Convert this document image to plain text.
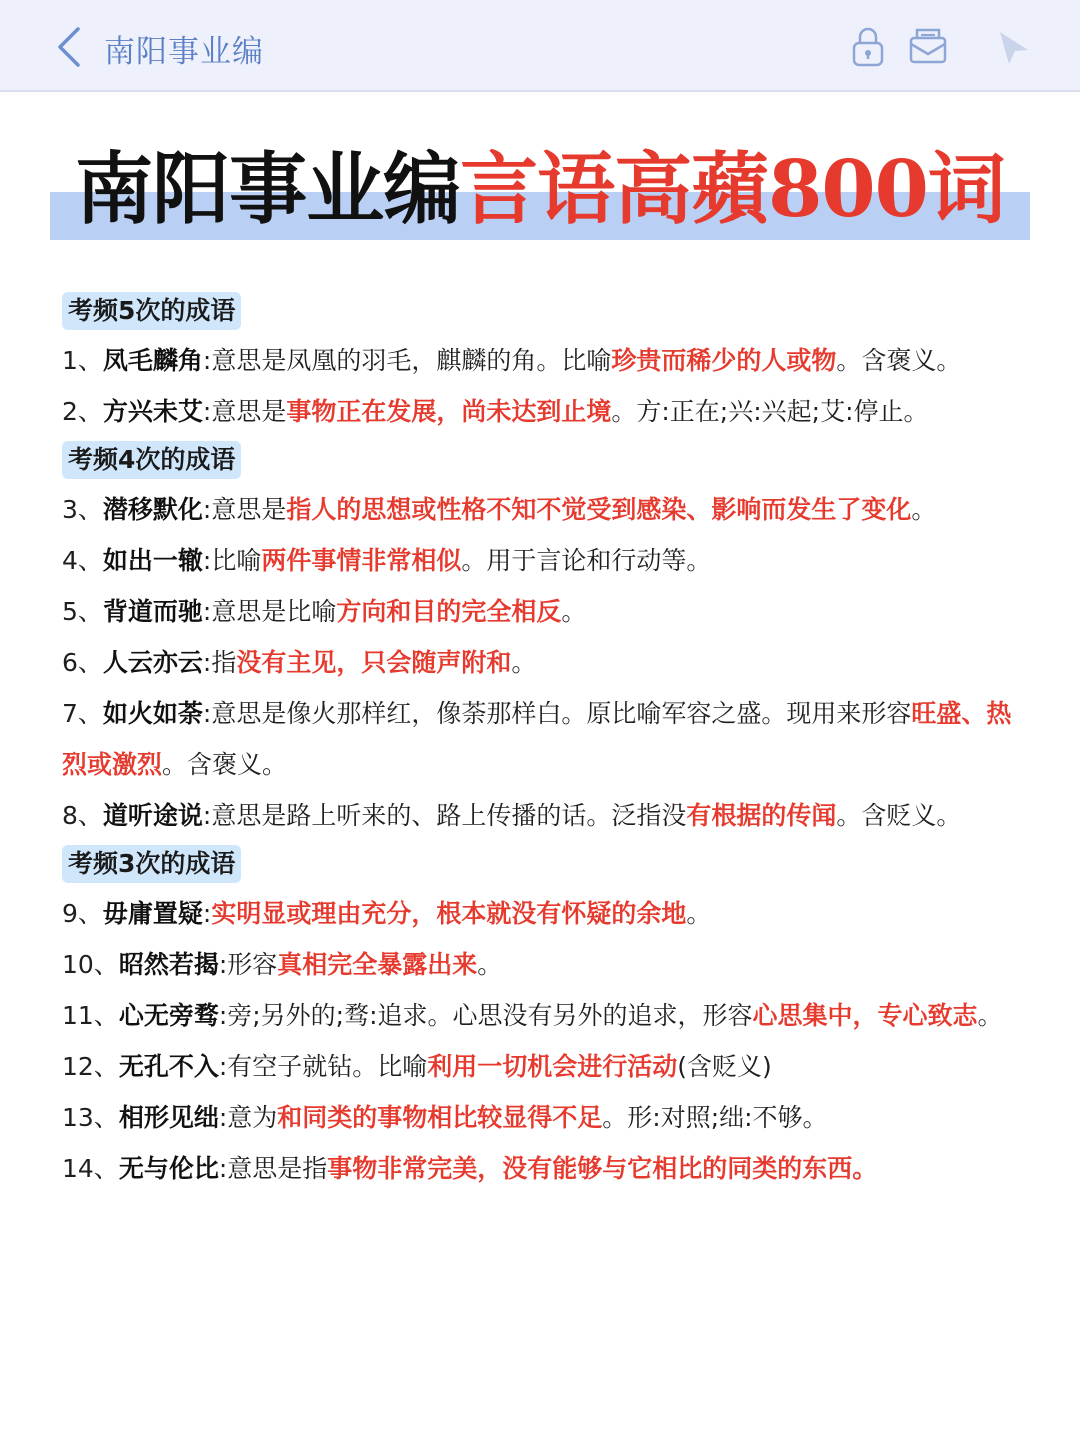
南阳事业编
南阳事业编言语高蘋800词
考频5次的成语

1、凤毛麟角:意思是凤凰的羽毛，麒麟的角。比喻珍贵而稀少的人或物。含褒义。

2、方兴未艾:意思是事物正在发展，尚未达到止境。方:正在;兴:兴起;艾:停止。

考频4次的成语

3、潜移默化:意思是指人的思想或性格不知不觉受到感染、影响而发生了变化。

4、如出一辙:比喻两件事情非常相似。用于言论和行动等。

5、背道而驰:意思是比喻方向和目的完全相反。

6、人云亦云:指没有主见，只会随声附和。

7、如火如荼:意思是像火那样红，像荼那样白。原比喻军容之盛。现用来形容旺盛、热烈或激烈。含褒义。

8、道听途说:意思是路上听来的、路上传播的话。泛指没有根据的传闻。含贬义。

考频3次的成语

9、毋庸置疑:实明显或理由充分，根本就没有怀疑的余地。

10、昭然若揭:形容真相完全暴露出来。

11、心无旁骛:旁;另外的;骛:追求。心思没有另外的追求，形容心思集中，专心致志。

12、无孔不入:有空子就钻。比喻利用一切机会进行活动(含贬义)

13、相形见绌:意为和同类的事物相比较显得不足。形:对照;绌:不够。

14、无与伦比:意思是指事物非常完美，没有能够与它相比的同类的东西。
